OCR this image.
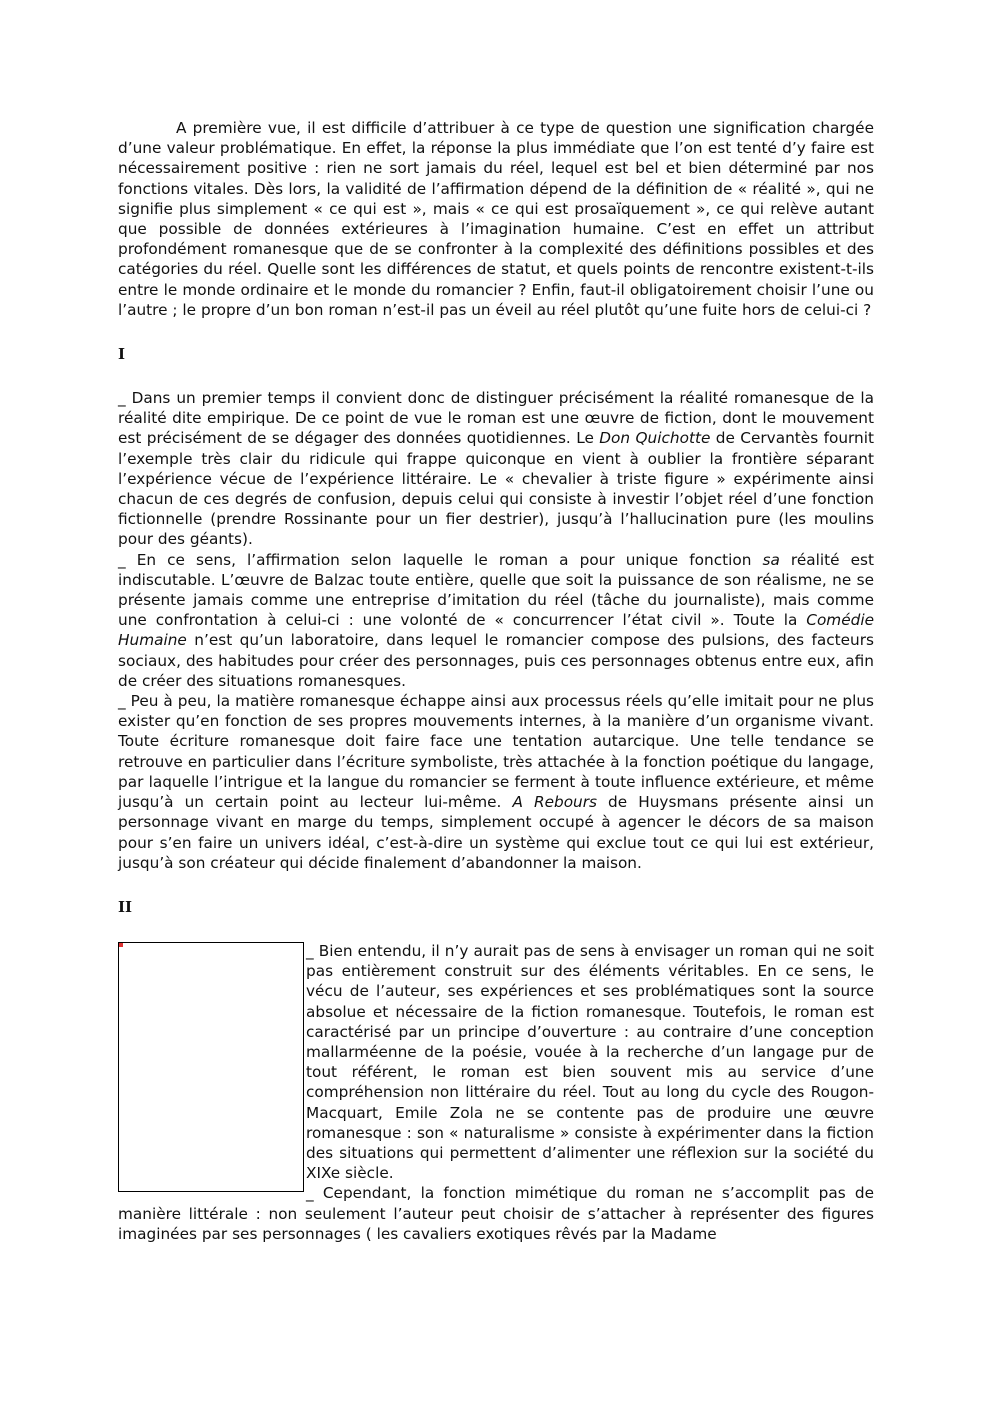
A première vue, il est difficile d’attribuer à ce type de question une signification chargée d’une valeur problématique. En effet, la réponse la plus immédiate que l’on est tenté d’y faire est nécessairement positive : rien ne sort jamais du réel, lequel est bel et bien déterminé par nos fonctions vitales. Dès lors, la validité de l’affirmation dépend de la définition de « réalité », qui ne signifie plus simplement « ce qui est », mais « ce qui est prosaïquement », ce qui relève autant que possible de données extérieures à l’imagination humaine. C’est en effet un attribut profondément romanesque que de se confronter à la complexité des définitions possibles et des catégories du réel. Quelle sont les différences de statut, et quels points de rencontre existent-t-ils entre le monde ordinaire et le monde du romancier ? Enfin, faut-il obligatoirement choisir l’une ou l’autre ; le propre d’un bon roman n’est-il pas un éveil au réel plutôt qu’une fuite hors de celui-ci ?

I

_ Dans un premier temps il convient donc de distinguer précisément la réalité romanesque de la réalité dite empirique. De ce point de vue le roman est une œuvre de fiction, dont le mouvement est précisément de se dégager des données quotidiennes. Le Don Quichotte de Cervantès fournit l’exemple très clair du ridicule qui frappe quiconque en vient à oublier la frontière séparant l’expérience vécue de l’expérience littéraire. Le « chevalier à triste figure » expérimente ainsi chacun de ces degrés de confusion, depuis celui qui consiste à investir l’objet réel d’une fonction fictionnelle (prendre Rossinante pour un fier destrier), jusqu’à l’hallucination pure (les moulins pour des géants).

_ En ce sens, l’affirmation selon laquelle le roman a pour unique fonction sa réalité est indiscutable. L’œuvre de Balzac toute entière, quelle que soit la puissance de son réalisme, ne se présente jamais comme une entreprise d’imitation du réel (tâche du journaliste), mais comme une confrontation à celui-ci : une volonté de « concurrencer l’état civil ». Toute la Comédie Humaine n’est qu’un laboratoire, dans lequel le romancier compose des pulsions, des facteurs sociaux, des habitudes pour créer des personnages, puis ces personnages obtenus entre eux, afin de créer des situations romanesques.

_ Peu à peu, la matière romanesque échappe ainsi aux processus réels qu’elle imitait pour ne plus exister qu’en fonction de ses propres mouvements internes, à la manière d’un organisme vivant. Toute écriture romanesque doit faire face une tentation autarcique. Une telle tendance se retrouve en particulier dans l’écriture symboliste, très attachée à la fonction poétique du langage, par laquelle l’intrigue et la langue du romancier se ferment à toute influence extérieure, et même jusqu’à un certain point au lecteur lui-même. A Rebours de Huysmans présente ainsi un personnage vivant en marge du temps, simplement occupé à agencer le décors de sa maison pour s’en faire un univers idéal, c’est-à-dire un système qui exclue tout ce qui lui est extérieur, jusqu’à son créateur qui décide finalement d’abandonner la maison.

II

_ Bien entendu, il n’y aurait pas de sens à envisager un roman qui ne soit pas entièrement construit sur des éléments véritables. En ce sens, le vécu de l’auteur, ses expériences et ses problématiques sont la source absolue et nécessaire de la fiction romanesque. Toutefois, le roman est caractérisé par un principe d’ouverture : au contraire d’une conception mallarméenne de la poésie, vouée à la recherche d’un langage pur de tout référent, le roman est bien souvent mis au service d’une compréhension non littéraire du réel. Tout au long du cycle des Rougon-Macquart, Emile Zola ne se contente pas de produire une œuvre romanesque : son « naturalisme » consiste à expérimenter dans la fiction des situations qui permettent d’alimenter une réflexion sur la société du XIXe siècle.

_ Cependant, la fonction mimétique du roman ne s’accomplit pas de manière littérale : non seulement l’auteur peut choisir de s’attacher à représenter des figures imaginées par ses personnages ( les cavaliers exotiques rêvés par la Madame
